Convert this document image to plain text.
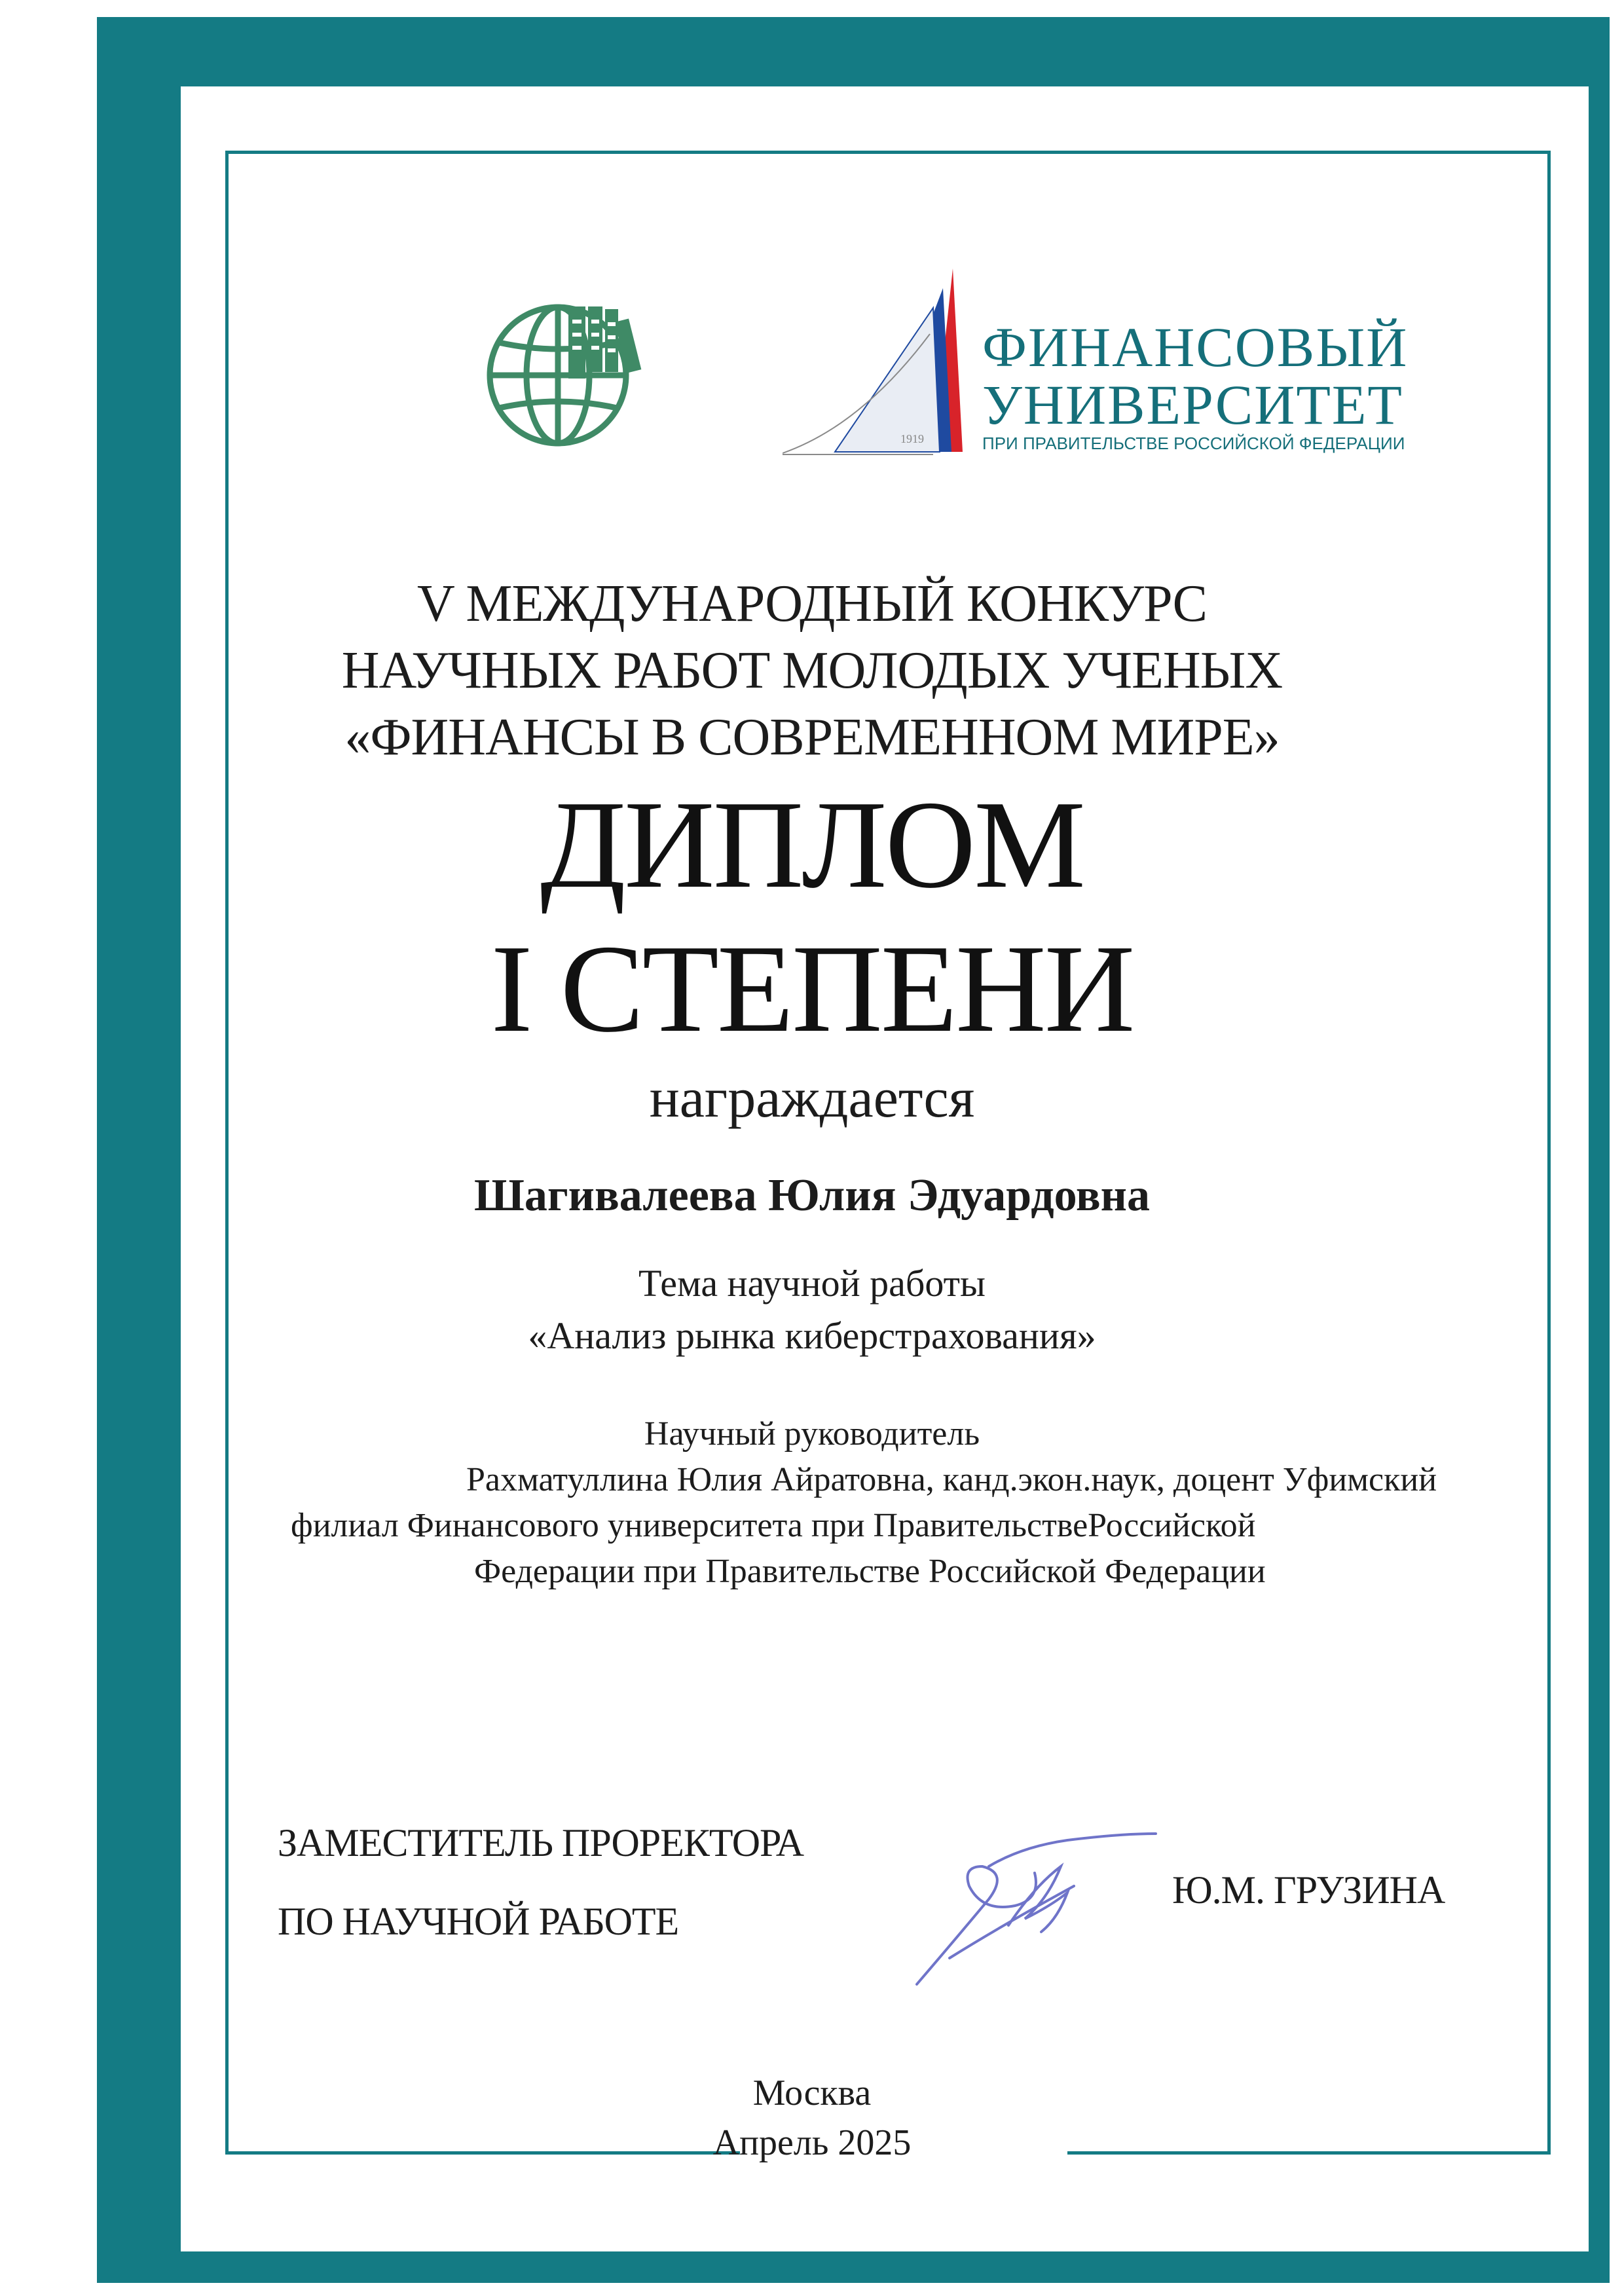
1919
ФИНАНСОВЫЙ
УНИВЕРСИТЕТ
ПРИ ПРАВИТЕЛЬСТВЕ РОССИЙСКОЙ ФЕДЕРАЦИИ
V МЕЖДУНАРОДНЫЙ КОНКУРС
НАУЧНЫХ РАБОТ МОЛОДЫХ УЧЕНЫХ
«ФИНАНСЫ В СОВРЕМЕННОМ МИРЕ»
ДИПЛОМ
I СТЕПЕНИ
награждается
Шагивалеева Юлия Эдуардовна
Тема научной работы
«Анализ рынка киберстрахования»
Научный руководитель
Рахматуллина Юлия Айратовна, канд.экон.наук, доцент Уфимский
филиал Финансового университета при ПравительствеРоссийской
Федерации при Правительстве Российской Федерации
ЗАМЕСТИТЕЛЬ ПРОРЕКТОРА
ПО НАУЧНОЙ РАБОТЕ
Ю.М. ГРУЗИНА
Москва
Апрель 2025
